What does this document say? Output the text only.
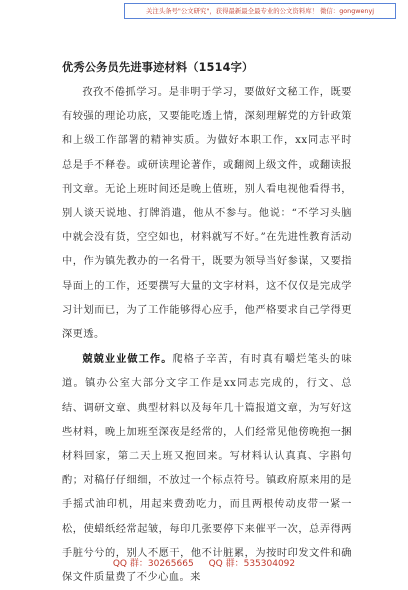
关注头条号"公文研究"，获得最新最全最专业的公文资料库！ 微信：gongwenyj
优秀公务员先进事迹材料（1514字）

孜孜不倦抓学习。是非明于学习，要做好文秘工作，既要有较强的理论功底，又要能吃透上情，深刻理解党的方针政策和上级工作部署的精神实质。为做好本职工作，xx同志平时总是手不释卷。或研读理论著作，或翻阅上级文件，或翻读报刊文章。无论上班时间还是晚上值班，别人看电视他看得书，别人谈天说地、打牌消遣，他从不参与。他说：“不学习头脑中就会没有货，空空如也，材料就写不好。”在先进性教育活动中，作为镇先教办的一名骨干，既要为领导当好参谋，又要指导面上的工作，还要撰写大量的文字材料，这不仅仅是完成学习计划而已，为了工作能够得心应手，他严格要求自己学得更深更透。

兢兢业业做工作。爬格子辛苦，有时真有嚼烂笔头的味道。镇办公室大部分文字工作是xx同志完成的，行文、总结、调研文章、典型材料以及每年几十篇报道文章，为写好这些材料，晚上加班至深夜是经常的，人们经常见他傍晚抱一捆材料回家，第二天上班又抱回来。写材料认认真真、字斟句酌；对稿仔仔细细，不放过一个标点符号。镇政府原来用的是手摇式油印机，用起来费劲吃力，而且两根传动皮带一紧一松，使蜡纸经常起皱，每印几张要停下来催平一次，总弄得两手脏兮兮的，别人不愿干，他不计脏累，为按时印发文件和确保文件质量费了不少心血。来

QQ 群：30265665 QQ 群：535304092
